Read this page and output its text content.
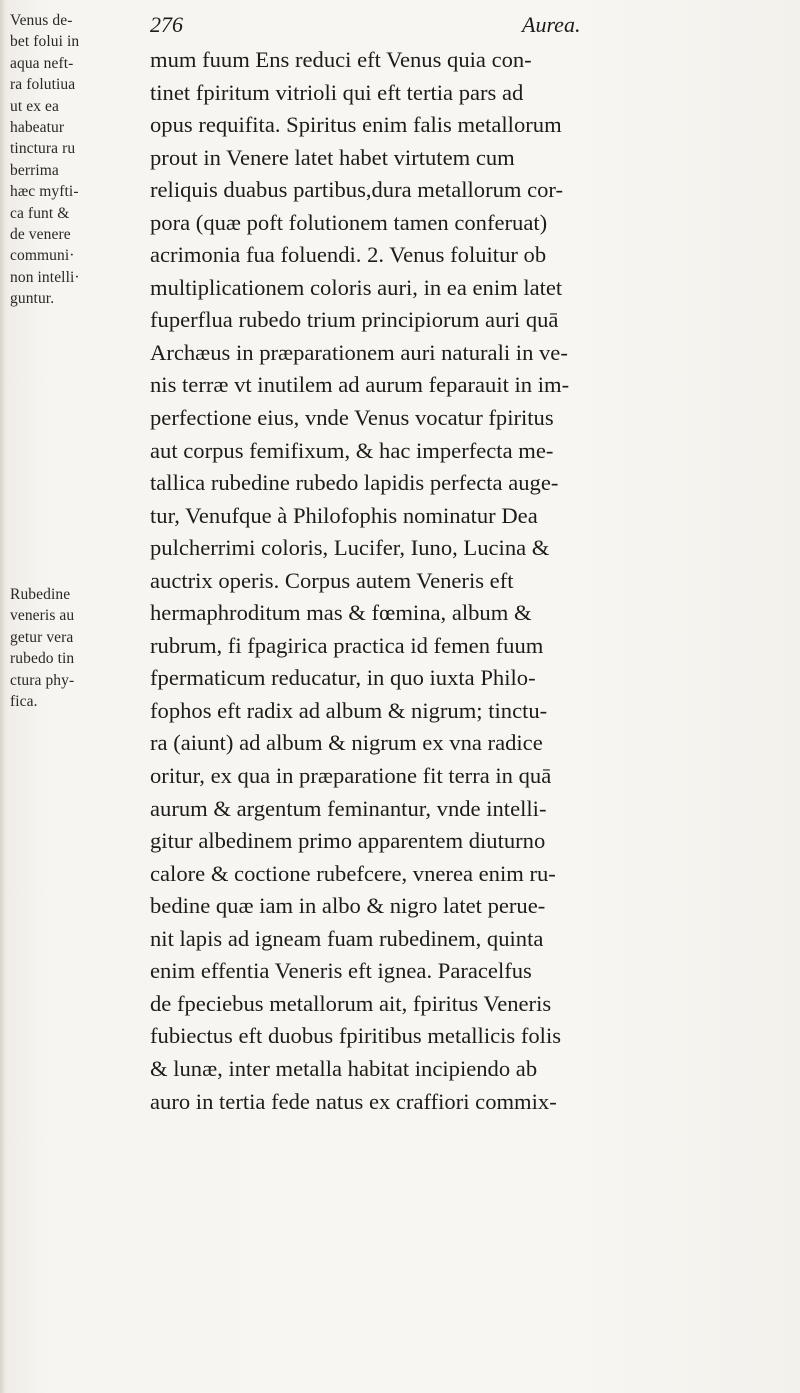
276	Aurea.
Venus de-
bet folui in
aqua neft-
ra folutiua
ut ex ea
habeatur
tinctura ru
berrima
hæc myfti-
ca funt &
de venere
communi·
non intelli·
guntur.
Rubedine
veneris au
getur vera
rubedo tin
ctura phy-
fica.
mum fuum Ens reduci eft Venus quia con-
tinet fpiritum vitrioli qui eft tertia pars ad
opus requifita. Spiritus enim falis metallorum
prout in Venere latet habet virtutem cum
reliquis duabus partibus,dura metallorum cor-
pora (quæ poft folutionem tamen conferuat)
acrimonia fua foluendi. 2. Venus foluitur ob
multiplicationem coloris auri, in ea enim latet
fuperflua rubedo trium principiorum auri quā
Archæus in præparationem auri naturali in ve-
nis terræ vt inutilem ad aurum feparauit in im-
perfectione eius, vnde Venus vocatur fpiritus
aut corpus femifixum, & hac imperfecta me-
tallica rubedine rubedo lapidis perfecta auge-
tur, Venufque à Philofophis nominatur Dea
pulcherrimi coloris, Lucifer, Iuno, Lucina &
auctrix operis. Corpus autem Veneris eft
hermaphroditum mas & fœmina, album &
rubrum, fi fpagirica practica id femen fuum
fpermaticum reducatur, in quo iuxta Philo-
fophos eft radix ad album & nigrum; tinctu-
ra (aiunt) ad album & nigrum ex vna radice
oritur, ex qua in præparatione fit terra in quā
aurum & argentum feminantur, vnde intelli-
gitur albedinem primo apparentem diuturno
calore & coctione rubefcere, vnerea enim ru-
bedine quæ iam in albo & nigro latet perue-
nit lapis ad igneam fuam rubedinem, quinta
enim effentia Veneris eft ignea. Paracelfus
de fpeciebus metallorum ait, fpiritus Veneris
fubiectus eft duobus fpiritibus metallicis folis
& lunæ, inter metalla habitat incipiendo ab
auro in tertia fede natus ex craffiori commix-
